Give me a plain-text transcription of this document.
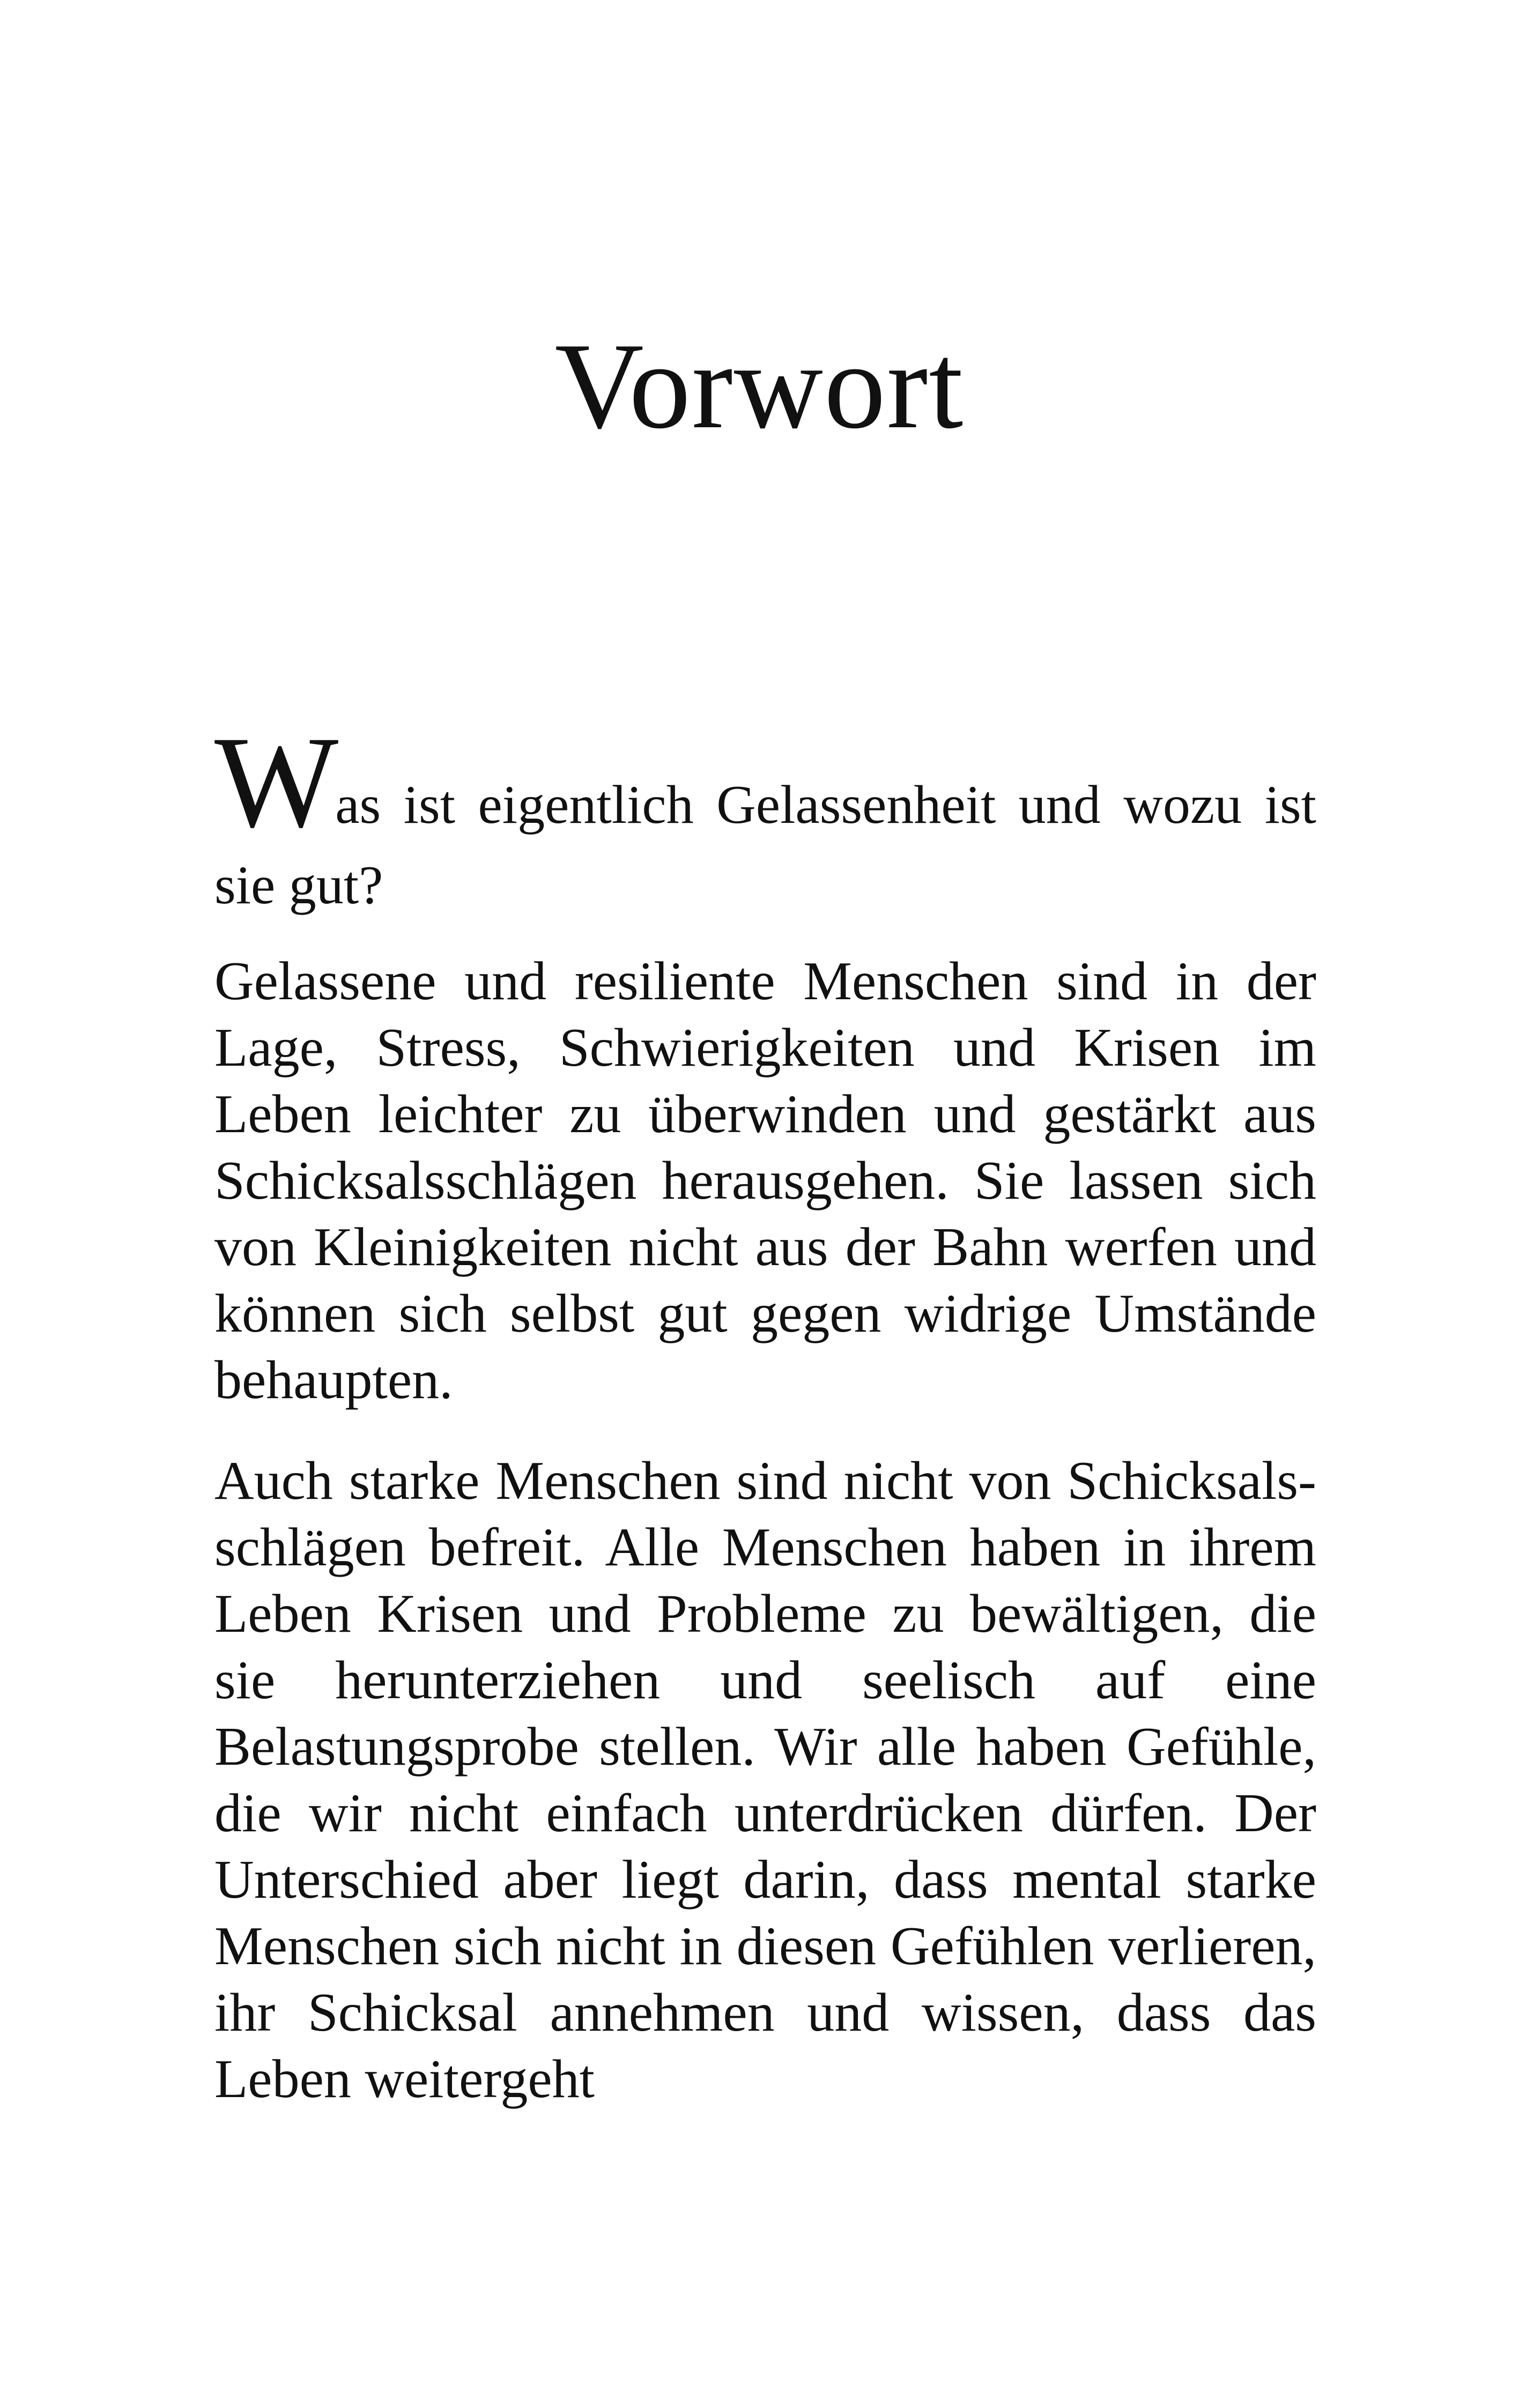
Vorwort

Was ist eigentlich Gelassenheit und wozu ist sie gut?

Gelassene und resiliente Menschen sind in der Lage, Stress, Schwierigkeiten und Krisen im Leben leichter zu überwinden und gestärkt aus Schicksalsschlägen herausgehen. Sie lassen sich von Kleinigkeiten nicht aus der Bahn werfen und können sich selbst gut gegen widrige Umstände behaupten.

Auch starke Menschen sind nicht von Schicksalsschlägen befreit. Alle Menschen haben in ihrem Leben Krisen und Probleme zu bewältigen, die sie herunterziehen und seelisch auf eine Belastungsprobe stellen. Wir alle haben Gefühle, die wir nicht einfach unterdrücken dürfen. Der Unterschied aber liegt darin, dass mental starke Menschen sich nicht in diesen Gefühlen verlieren, ihr Schicksal annehmen und wissen, dass das Leben weitergeht
